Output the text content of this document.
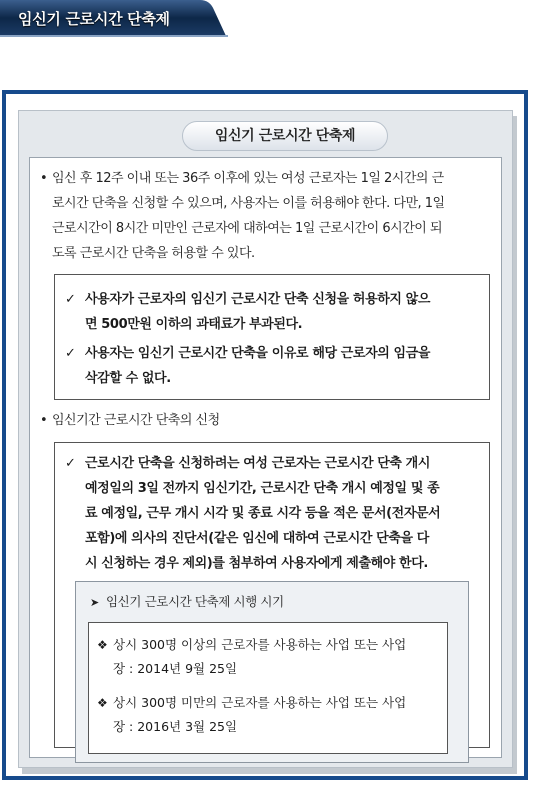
임신기 근로시간 단축제
임신기 근로시간 단축제
• 임신 후 12주 이내 또는 36주 이후에 있는 여성 근로자는 1일 2시간의 근
로시간 단축을 신청할 수 있으며, 사용자는 이를 허용해야 한다. 다만, 1일
근로시간이 8시간 미만인 근로자에 대하여는 1일 근로시간이 6시간이 되
도록 근로시간 단축을 허용할 수 있다.
✓ 사용자가 근로자의 임신기 근로시간 단축 신청을 허용하지 않으
면 500만원 이하의 과태료가 부과된다.
✓ 사용자는 임신기 근로시간 단축을 이유로 해당 근로자의 임금을
삭감할 수 없다.
• 임신기간 근로시간 단축의 신청
✓ 근로시간 단축을 신청하려는 여성 근로자는 근로시간 단축 개시
예정일의 3일 전까지 임신기간, 근로시간 단축 개시 예정일 및 종
료 예정일, 근무 개시 시각 및 종료 시각 등을 적은 문서(전자문서
포함)에 의사의 진단서(같은 임신에 대하여 근로시간 단축을 다
시 신청하는 경우 제외)를 첨부하여 사용자에게 제출해야 한다.
➤ 임신기 근로시간 단축제 시행 시기
❖ 상시 300명 이상의 근로자를 사용하는 사업 또는 사업
장 : 2014년 9월 25일
❖ 상시 300명 미만의 근로자를 사용하는 사업 또는 사업
장 : 2016년 3월 25일
